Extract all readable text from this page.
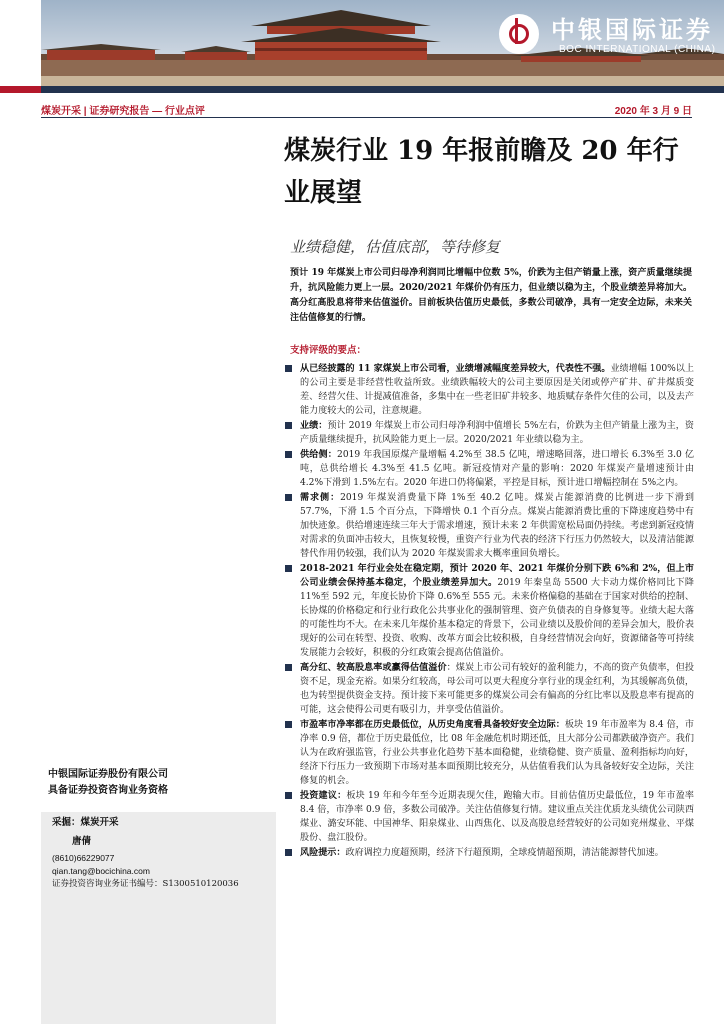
中银国际证券
BOC INTERNATIONAL (CHINA)
煤炭开采 | 证券研究报告 — 行业点评	2020 年 3 月 9 日
中银国际证券股份有限公司
具备证券投资咨询业务资格
采掘：煤炭开采
唐倩
(8610)66229077
qian.tang@bocichina.com
证券投资咨询业务证书编号：S1300510120036
煤炭行业 19 年报前瞻及 20 年行业展望
业绩稳健，估值底部，等待修复

预计 19 年煤炭上市公司归母净利润同比增幅中位数 5%，价跌为主但产销量上涨，资产质量继续提升，抗风险能力更上一层。2020/2021 年煤价仍有压力，但业绩以稳为主，个股业绩差异将加大。高分红高股息将带来估值溢价。目前板块估值历史最低，多数公司破净，具有一定安全边际，未来关注估值修复的行情。

支持评级的要点：
从已经披露的 11 家煤炭上市公司看，业绩增减幅度差异较大，代表性不强。业绩增幅 100%以上的公司主要是非经营性收益所致。业绩跌幅较大的公司主要原因是关闭或停产矿井、矿井煤质变差、经营欠佳、计提减值准备，多集中在一些老旧矿井较多、地质赋存条件欠佳的公司，以及去产能力度较大的公司，注意规避。
业绩：预计 2019 年煤炭上市公司归母净利润中值增长 5%左右，价跌为主但产销量上涨为主，资产质量继续提升，抗风险能力更上一层。2020/2021 年业绩以稳为主。
供给侧：2019 年我国原煤产量增幅 4.2%至 38.5 亿吨，增速略回落，进口增长 6.3%至 3.0 亿吨，总供给增长 4.3%至 41.5 亿吨。新冠疫情对产量的影响：2020 年煤炭产量增速预计由 4.2%下滑到 1.5%左右。2020 年进口仍将偏紧，平控是目标，预计进口增幅控制在 5%之内。
需求侧：2019 年煤炭消费量下降 1%至 40.2 亿吨。煤炭占能源消费的比例进一步下滑到 57.7%，下滑 1.5 个百分点，下降增快 0.1 个百分点。煤炭占能源消费比重的下降速度趋势中有加快迹象。供给增速连续三年大于需求增速，预计未来 2 年供需宽松局面仍持续。考虑到新冠疫情对需求的负面冲击较大，且恢复较慢，重资产行业为代表的经济下行压力仍然较大，以及清洁能源替代作用仍较强，我们认为 2020 年煤炭需求大概率重回负增长。
2018-2021 年行业会处在稳定期，预计 2020 年、2021 年煤价分别下跌 6%和 2%，但上市公司业绩会保持基本稳定，个股业绩差异加大。2019 年秦皇岛 5500 大卡动力煤价格同比下降 11%至 592 元，年度长协价下降 0.6%至 555 元。未来价格偏稳的基础在于国家对供给的控制、长协煤的价格稳定和行业行政化公共事业化的强制管理、资产负债表的自身修复等。业绩大起大落的可能性均不大。在未来几年煤价基本稳定的背景下，公司业绩以及股价间的差异会加大，股价表现好的公司在转型、投资、收购、改革方面会比较积极，自身经营情况会向好，资源储备等可持续发展能力会较好，积极的分红政策会提高估值溢价。
高分红、较高股息率或赢得估值溢价：煤炭上市公司有较好的盈利能力，不高的资产负债率，但投资不足，现金充裕。如果分红较高，母公司可以更大程度分享行业的现金红利，为其缓解高负债，也为转型提供资金支持。预计接下来可能更多的煤炭公司会有偏高的分红比率以及股息率有提高的可能，这会使得公司更有吸引力，并享受估值溢价。
市盈率市净率都在历史最低位，从历史角度看具备较好安全边际：板块 19 年市盈率为 8.4 倍，市净率 0.9 倍，都位于历史最低位，比 08 年金融危机时期还低，且大部分公司都跌破净资产。我们认为在政府强监管，行业公共事业化趋势下基本面稳健，业绩稳健、资产质量、盈利指标均向好，经济下行压力一致预期下市场对基本面预期比较充分，从估值看我们认为具备较好安全边际，关注修复的机会。
投资建议：板块 19 年和今年至今近期表现欠佳，跑输大市。目前估值历史最低位，19 年市盈率 8.4 倍，市净率 0.9 倍，多数公司破净。关注估值修复行情。建议重点关注优质龙头绩优公司陕西煤业、潞安环能、中国神华、阳泉煤业、山西焦化、以及高股息经营较好的公司如兖州煤业、平煤股份、盘江股份。
风险提示：政府调控力度超预期，经济下行超预期，全球疫情超预期，清洁能源替代加速。
